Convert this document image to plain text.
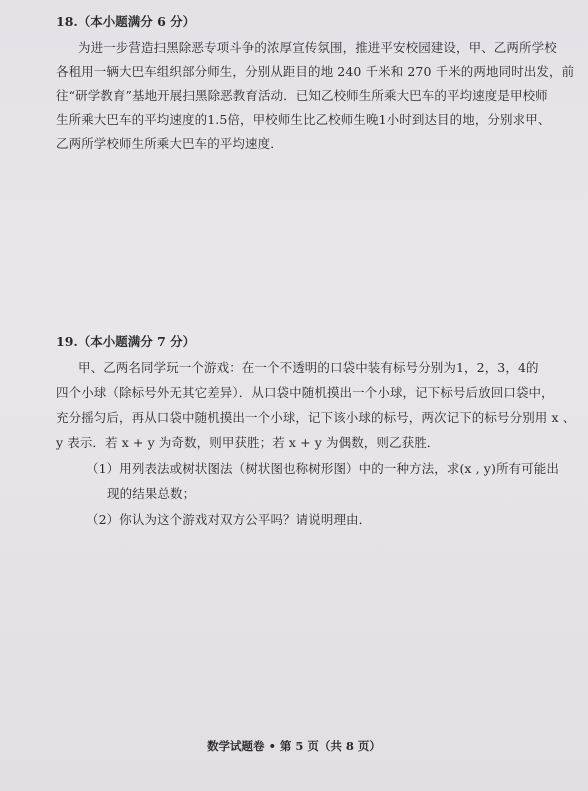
18.（本小题满分 6 分）
为进一步营造扫黑除恶专项斗争的浓厚宣传氛围，推进平安校园建设，甲、乙两所学校
各租用一辆大巴车组织部分师生，分别从距目的地 240 千米和 270 千米的两地同时出发，前
往“研学教育”基地开展扫黑除恶教育活动．已知乙校师生所乘大巴车的平均速度是甲校师
生所乘大巴车的平均速度的1.5倍，甲校师生比乙校师生晚1小时到达目的地，分别求甲、
乙两所学校师生所乘大巴车的平均速度．
19.（本小题满分 7 分）
甲、乙两名同学玩一个游戏：在一个不透明的口袋中装有标号分别为1，2，3，4的
四个小球（除标号外无其它差异）．从口袋中随机摸出一个小球，记下标号后放回口袋中，
充分摇匀后，再从口袋中随机摸出一个小球，记下该小球的标号，两次记下的标号分别用 x 、
y 表示．若 x + y 为奇数，则甲获胜；若 x + y 为偶数，则乙获胜．
（1）用列表法或树状图法（树状图也称树形图）中的一种方法，求(x , y)所有可能出
现的结果总数；
（2）你认为这个游戏对双方公平吗？请说明理由．
数学试题卷 • 第 5 页（共 8 页）
